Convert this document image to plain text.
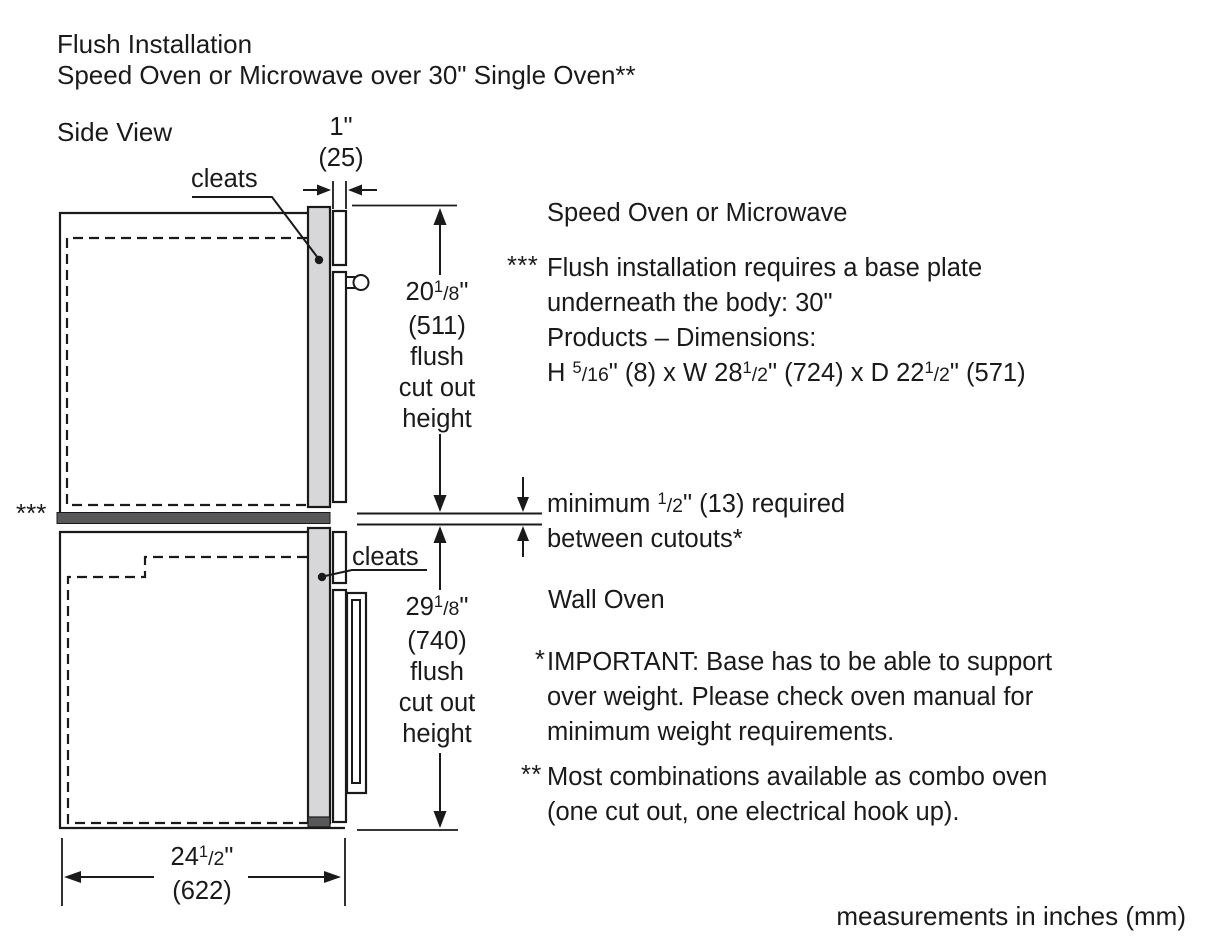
Flush Installation
Speed Oven or Microwave over 30" Single Oven**
Side View	1"
(25)
cleats
***
20$^1$/8"
(511)
flush
cut out
height
29$^1$/8"
(740)
flush
cut out
height
cleats
24$^1$/2"
(622)
Speed Oven or Microwave
*** Flush installation requires a base plate
underneath the body: 30"
Products – Dimensions:
H $^5$/16" (8) x W 28$^1$/2" (724) x D 22$^1$/2" (571)
minimum $^1$/2" (13) required
between cutouts*
Wall Oven
* IMPORTANT: Base has to be able to support
over weight. Please check oven manual for
minimum weight requirements.
** Most combinations available as combo oven
(one cut out, one electrical hook up).
measurements in inches (mm)
